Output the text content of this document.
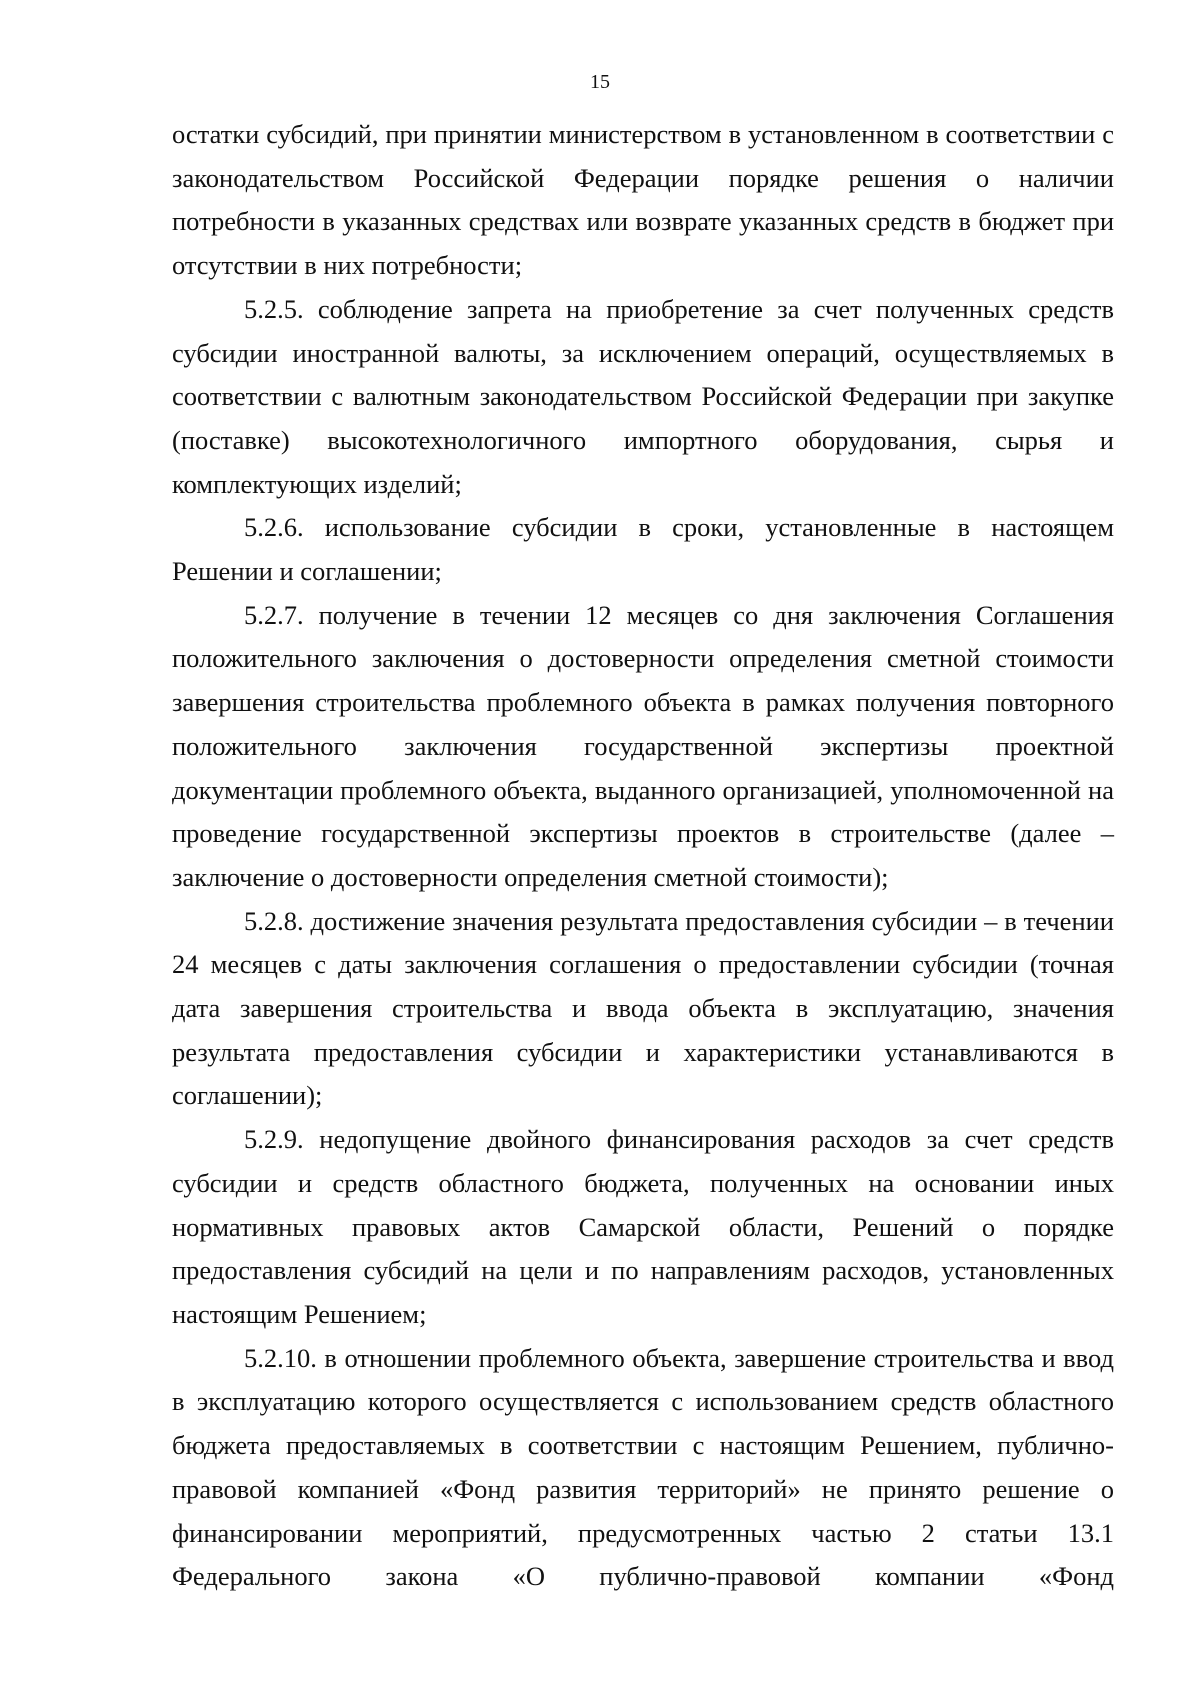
15

остатки субсидий, при принятии министерством в установленном в соответствии с законодательством Российской Федерации порядке решения о наличии потребности в указанных средствах или возврате указанных средств в бюджет при отсутствии в них потребности;

5.2.5. соблюдение запрета на приобретение за счет полученных средств субсидии иностранной валюты, за исключением операций, осуществляемых в соответствии с валютным законодательством Российской Федерации при закупке (поставке) высокотехнологичного импортного оборудования, сырья и комплектующих изделий;

5.2.6. использование субсидии в сроки, установленные в настоящем Решении и соглашении;

5.2.7. получение в течении 12 месяцев со дня заключения Соглашения положительного заключения о достоверности определения сметной стоимости завершения строительства проблемного объекта в рамках получения повторного положительного заключения государственной экспертизы проектной документации проблемного объекта, выданного организацией, уполномоченной на проведение государственной экспертизы проектов в строительстве (далее – заключение о достоверности определения сметной стоимости);

5.2.8. достижение значения результата предоставления субсидии – в течении 24 месяцев с даты заключения соглашения о предоставлении субсидии (точная дата завершения строительства и ввода объекта в эксплуатацию, значения результата предоставления субсидии и характеристики устанавливаются в соглашении);

5.2.9. недопущение двойного финансирования расходов за счет средств субсидии и средств областного бюджета, полученных на основании иных нормативных правовых актов Самарской области, Решений о порядке предоставления субсидий на цели и по направлениям расходов, установленных настоящим Решением;

5.2.10. в отношении проблемного объекта, завершение строительства и ввод в эксплуатацию которого осуществляется с использованием средств областного бюджета предоставляемых в соответствии с настоящим Решением, публично-правовой компанией «Фонд развития территорий» не принято решение о финансировании мероприятий, предусмотренных частью 2 статьи 13.1 Федерального закона «О публично-правовой компании «Фонд
